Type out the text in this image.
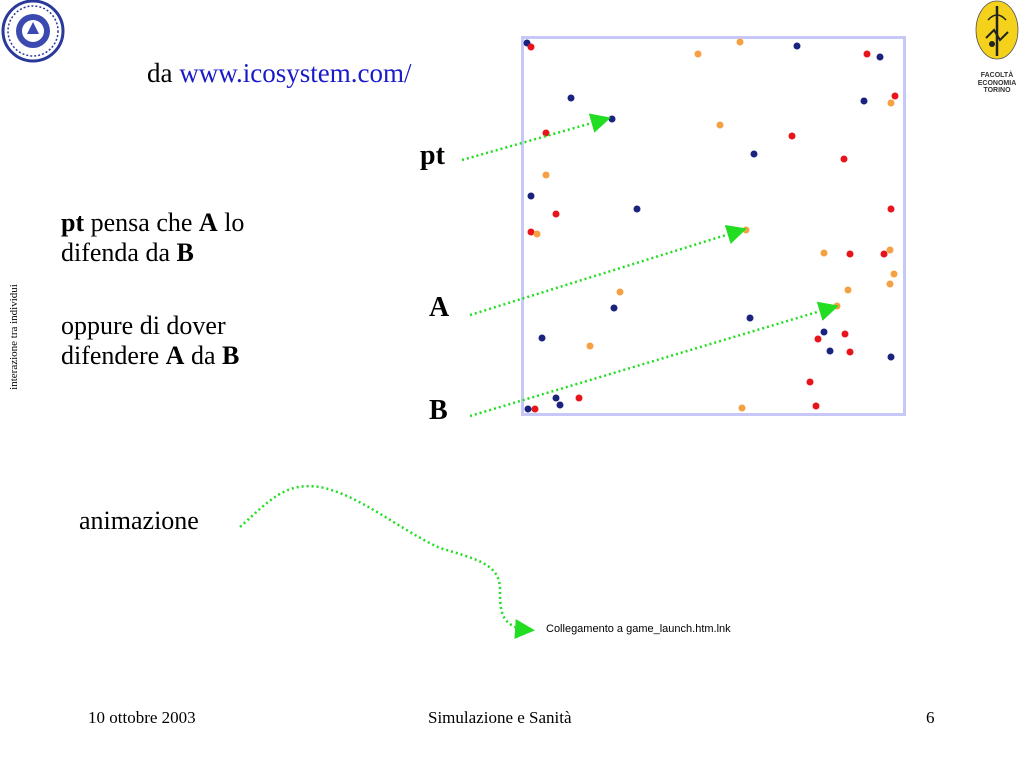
FACOLTÀ
ECONOMIA
TORINO
interazione tra individui
da www.icosystem.com/
pt pensa che A lo difenda da B
oppure di dover difendere A da B
pt
A
B
animazione
Collegamento a game_launch.htm.lnk
10 ottobre 2003	Simulazione e Sanità	6
